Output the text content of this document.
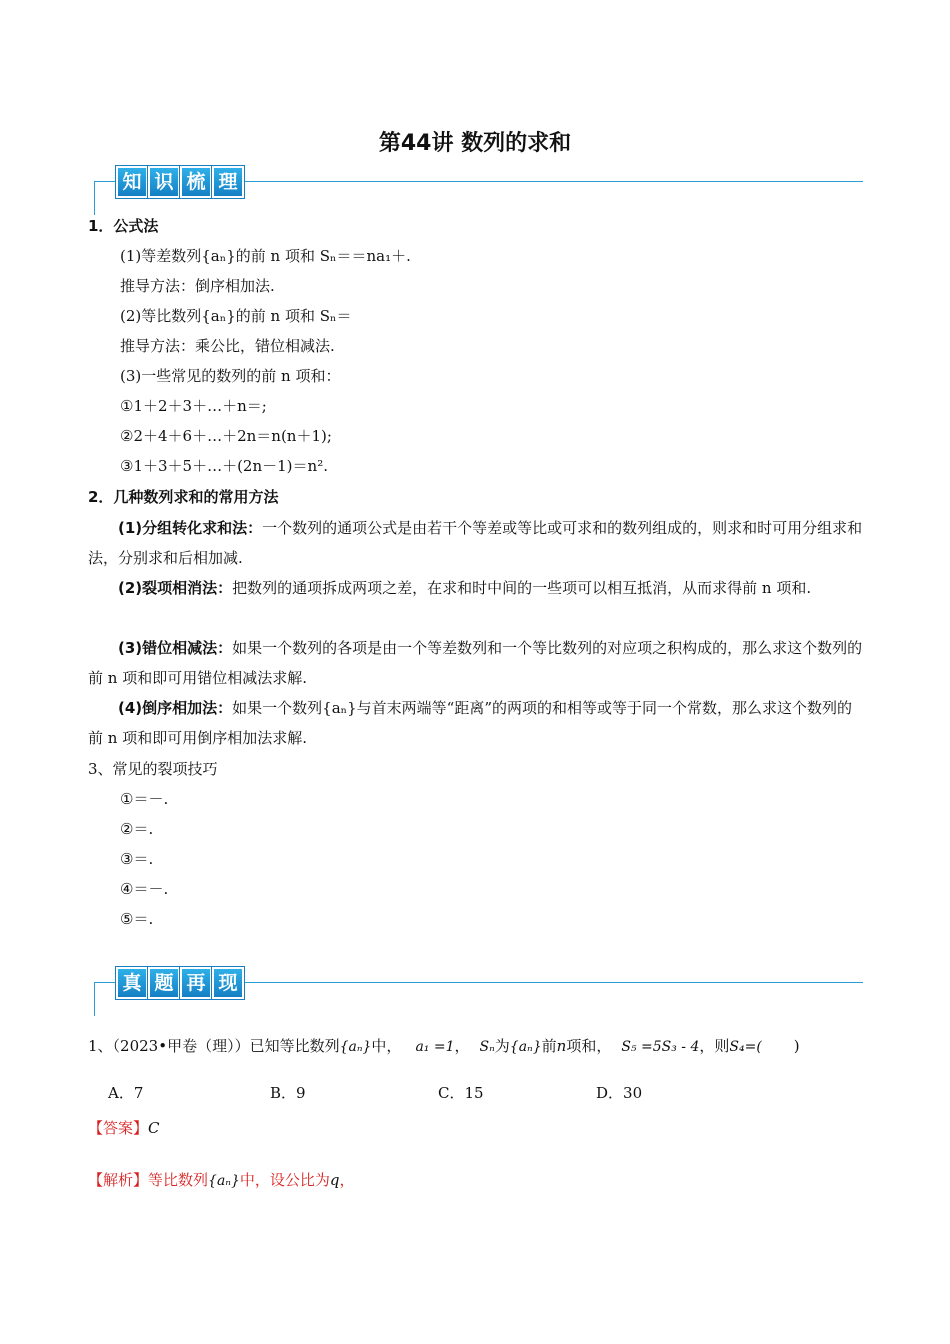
第44讲 数列的求和
知 识 梳 理
1．公式法
(1)等差数列{aₙ}的前 n 项和 Sₙ＝＝na₁＋.
推导方法：倒序相加法.
(2)等比数列{aₙ}的前 n 项和 Sₙ＝
推导方法：乘公比，错位相减法.
(3)一些常见的数列的前 n 项和：
①1＋2＋3＋…＋n＝;
②2＋4＋6＋…＋2n＝n(n＋1);
③1＋3＋5＋…＋(2n－1)＝n².
2．几种数列求和的常用方法
(1)分组转化求和法：一个数列的通项公式是由若干个等差或等比或可求和的数列组成的，则求和时可用分组求和法，分别求和后相加减.
(2)裂项相消法：把数列的通项拆成两项之差，在求和时中间的一些项可以相互抵消，从而求得前 n 项和.
(3)错位相减法：如果一个数列的各项是由一个等差数列和一个等比数列的对应项之积构成的，那么求这个数列的前 n 项和即可用错位相减法求解.
(4)倒序相加法：如果一个数列{aₙ}与首末两端等“距离”的两项的和相等或等于同一个常数，那么求这个数列的前 n 项和即可用倒序相加法求解.
3、常见的裂项技巧
①＝－.
②＝.
③＝.
④＝－.
⑤＝.
真 题 再 现
1、（2023•甲卷（理））已知等比数列{aₙ}中， a₁ =1， Sₙ为{aₙ}前n项和， S₅ =5S₃ - 4，则S₄=( )
A．7	B．9	C．15	D．30
【答案】C
【解析】等比数列{aₙ}中，设公比为q，
